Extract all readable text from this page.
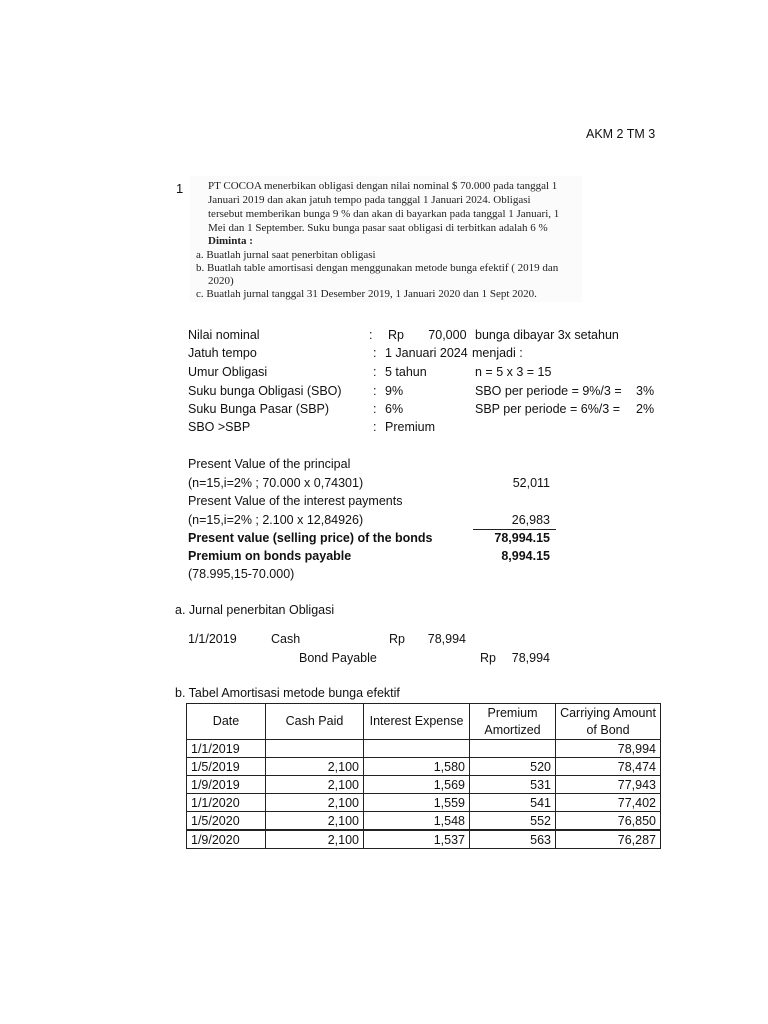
AKM 2 TM 3
1 PT COCOA menerbikan obligasi dengan nilai nominal $ 70.000 pada tanggal 1
Januari 2019 dan akan jatuh tempo pada tanggal 1 Januari 2024. Obligasi
tersebut memberikan bunga 9 % dan akan di bayarkan pada tanggal 1 Januari, 1
Mei dan 1 September. Suku bunga pasar saat obligasi di terbitkan adalah 6 %
Diminta :
a. Buatlah jurnal saat penerbitan obligasi
b. Buatlah table amortisasi dengan menggunakan metode bunga efektif ( 2019 dan
2020)
c. Buatlah jurnal tanggal 31 Desember 2019, 1 Januari 2020 dan 1 Sept 2020.
Nilai nominal	: Rp       70,000 bunga dibayar 3x setahun
Jatuh tempo	: 1 Januari 2024 menjadi :
Umur Obligasi	: 5 tahun	n = 5 x 3 = 15
Suku bunga Obligasi (SBO)	: 9%	SBO per periode = 9%/3 = 3%
Suku Bunga Pasar (SBP)	: 6%	SBP per periode = 6%/3 = 2%
SBO >SBP	: Premium
Present Value of the principal
(n=15,i=2% ; 70.000 x 0,74301)	52,011
Present Value of the interest payments
(n=15,i=2% ; 2.100 x 12,84926)	26,983
Present value (selling price) of the bonds	78,994.15
Premium on bonds payable	8,994.15
(78.995,15-70.000)
a. Jurnal penerbitan Obligasi
1/1/2019	Cash	Rp	78,994
Bond Payable	Rp	78,994
b. Tabel Amortisasi metode bunga efektif
Date	Cash Paid	Interest Expense	Premium Amortized	Carriying Amount of Bond
1/1/2019				78,994
1/5/2019	2,100	1,580	520	78,474
1/9/2019	2,100	1,569	531	77,943
1/1/2020	2,100	1,559	541	77,402
1/5/2020	2,100	1,548	552	76,850
1/9/2020	2,100	1,537	563	76,287
